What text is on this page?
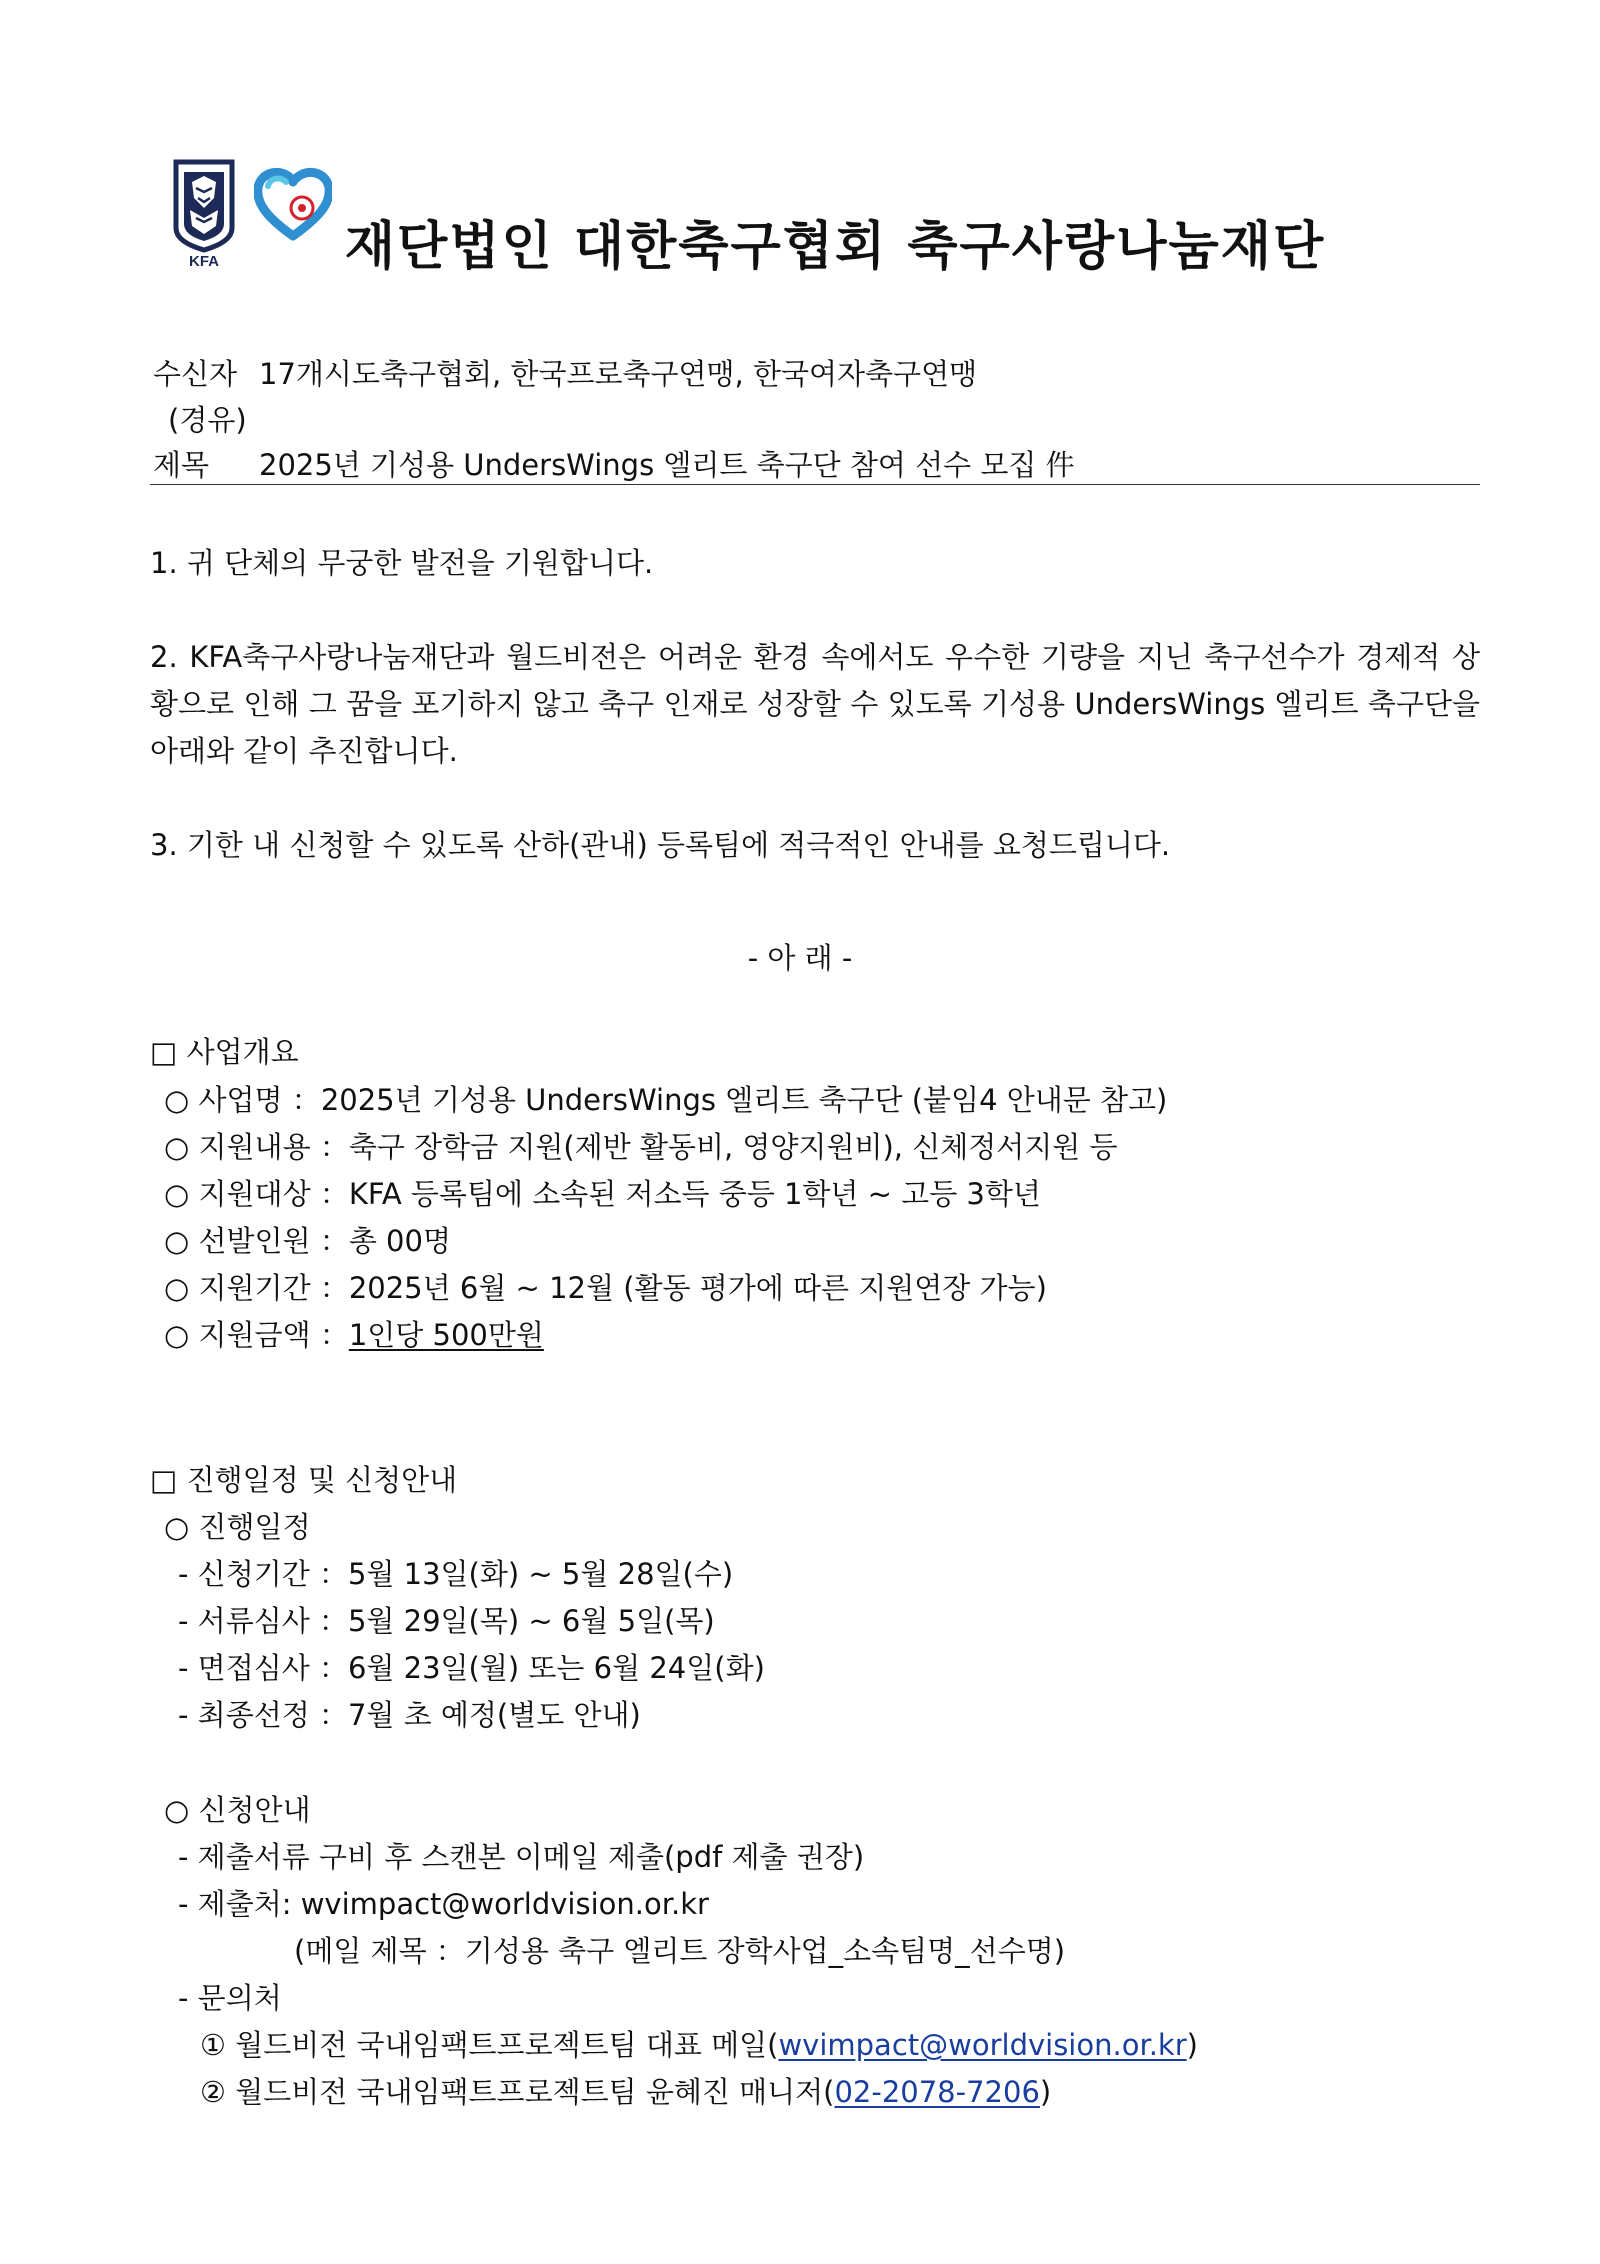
KFA	재단법인 대한축구협회 축구사랑나눔재단
수신자 17개시도축구협회, 한국프로축구연맹, 한국여자축구연맹
(경유)
제목 2025년 기성용 UndersWings 엘리트 축구단 참여 선수 모집 件
1. 귀 단체의 무궁한 발전을 기원합니다.
2. KFA축구사랑나눔재단과 월드비전은 어려운 환경 속에서도 우수한 기량을 지닌 축구선수가 경제적 상황으로 인해 그 꿈을 포기하지 않고 축구 인재로 성장할 수 있도록 기성용 UndersWings 엘리트 축구단을 아래와 같이 추진합니다.
3. 기한 내 신청할 수 있도록 산하(관내) 등록팀에 적극적인 안내를 요청드립니다.
- 아 래 -
□ 사업개요
○ 사업명 ：2025년 기성용 UndersWings 엘리트 축구단 (붙임4 안내문 참고)
○ 지원내용 ：축구 장학금 지원(제반 활동비, 영양지원비), 신체정서지원 등
○ 지원대상 ：KFA 등록팀에 소속된 저소득 중등 1학년 ~ 고등 3학년
○ 선발인원 ：총 00명
○ 지원기간 ：2025년 6월 ~ 12월 (활동 평가에 따른 지원연장 가능)
○ 지원금액 ：1인당 500만원
□ 진행일정 및 신청안내
○ 진행일정
- 신청기간 ：5월 13일(화) ~ 5월 28일(수)
- 서류심사 ：5월 29일(목) ~ 6월 5일(목)
- 면접심사 ：6월 23일(월) 또는 6월 24일(화)
- 최종선정 ：7월 초 예정(별도 안내)
○ 신청안내
- 제출서류 구비 후 스캔본 이메일 제출(pdf 제출 권장)
- 제출처: wvimpact@worldvision.or.kr
(메일 제목 ：기성용 축구 엘리트 장학사업_소속팀명_선수명)
- 문의처
① 월드비전 국내임팩트프로젝트팀 대표 메일(wvimpact@worldvision.or.kr)
② 월드비전 국내임팩트프로젝트팀 윤혜진 매니저(02-2078-7206)
